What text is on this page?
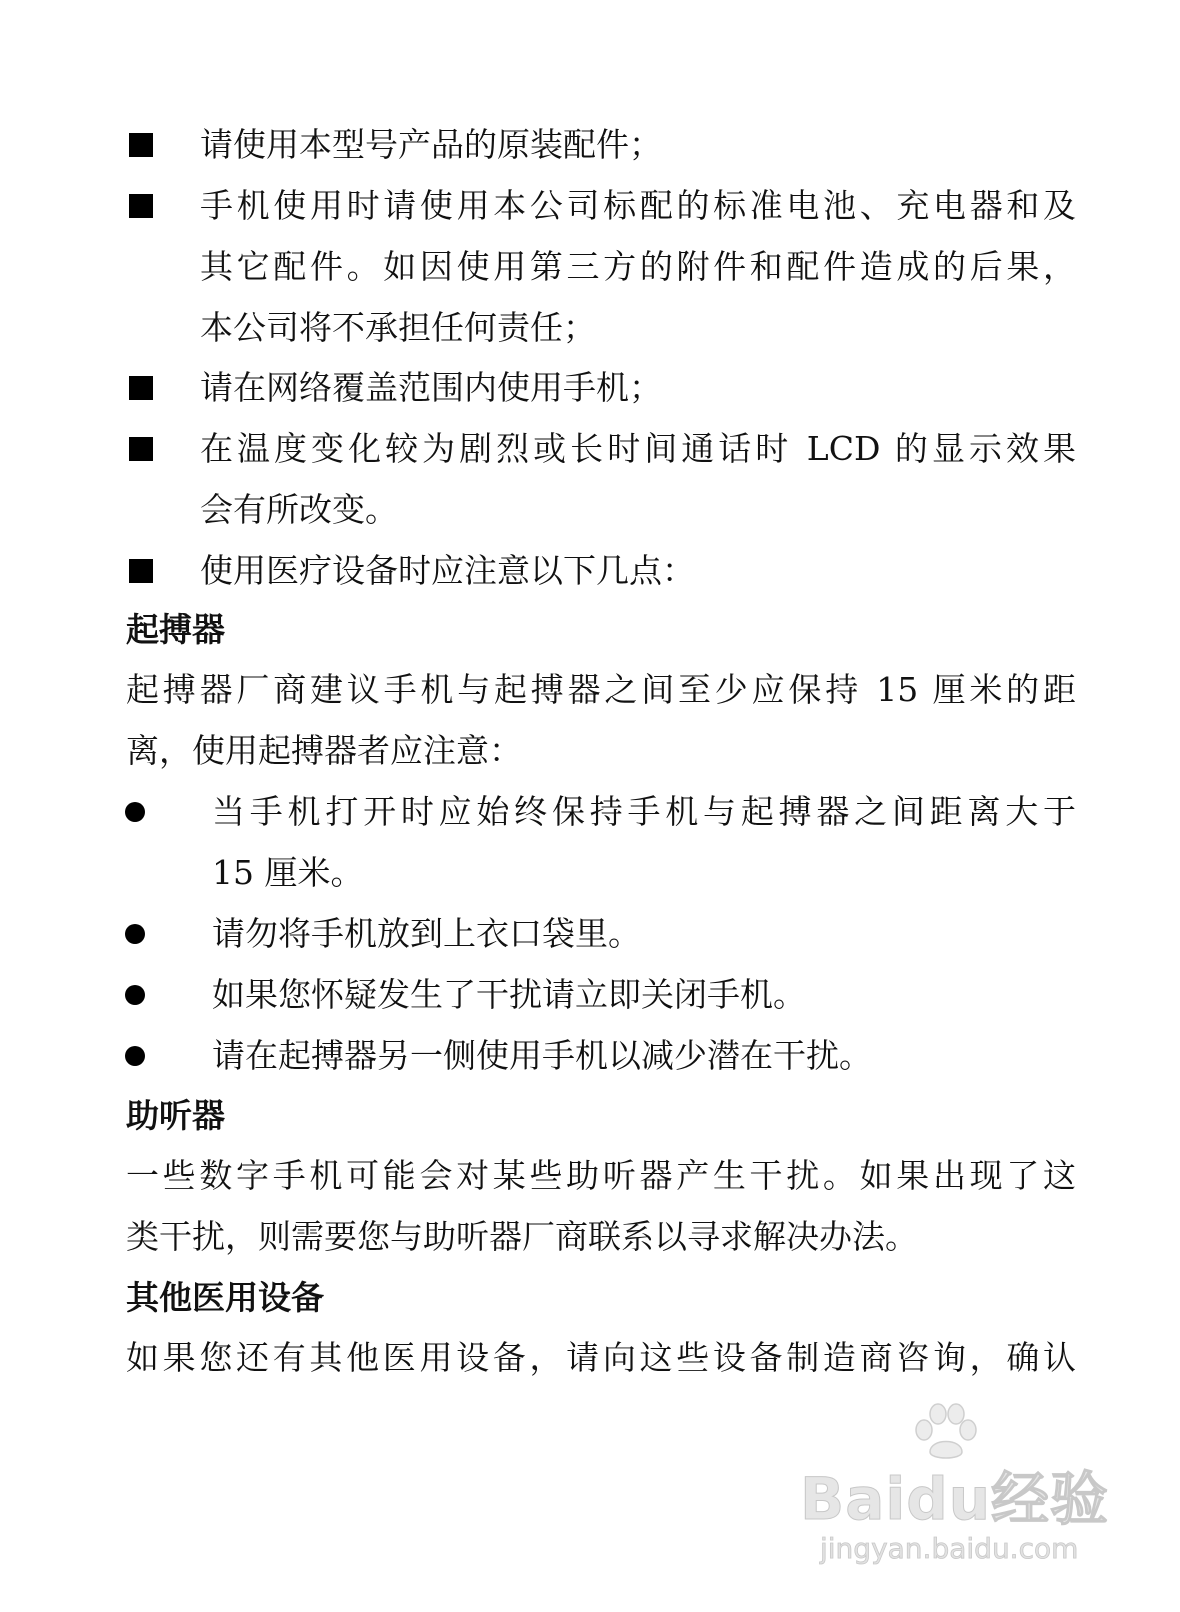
请使用本型号产品的原装配件；
手机使用时请使用本公司标配的标准电池、充电器和及
其它配件。如因使用第三方的附件和配件造成的后果，
本公司将不承担任何责任；
请在网络覆盖范围内使用手机；
在温度变化较为剧烈或长时间通话时 LCD 的显示效果
会有所改变。
使用医疗设备时应注意以下几点：
起搏器
起搏器厂商建议手机与起搏器之间至少应保持 15 厘米的距
离，使用起搏器者应注意：
当手机打开时应始终保持手机与起搏器之间距离大于
15 厘米。
请勿将手机放到上衣口袋里。
如果您怀疑发生了干扰请立即关闭手机。
请在起搏器另一侧使用手机以减少潜在干扰。
助听器
一些数字手机可能会对某些助听器产生干扰。如果出现了这
类干扰，则需要您与助听器厂商联系以寻求解决办法。
其他医用设备
如果您还有其他医用设备，请向这些设备制造商咨询，确认
Baidu经验
jingyan.baidu.com
